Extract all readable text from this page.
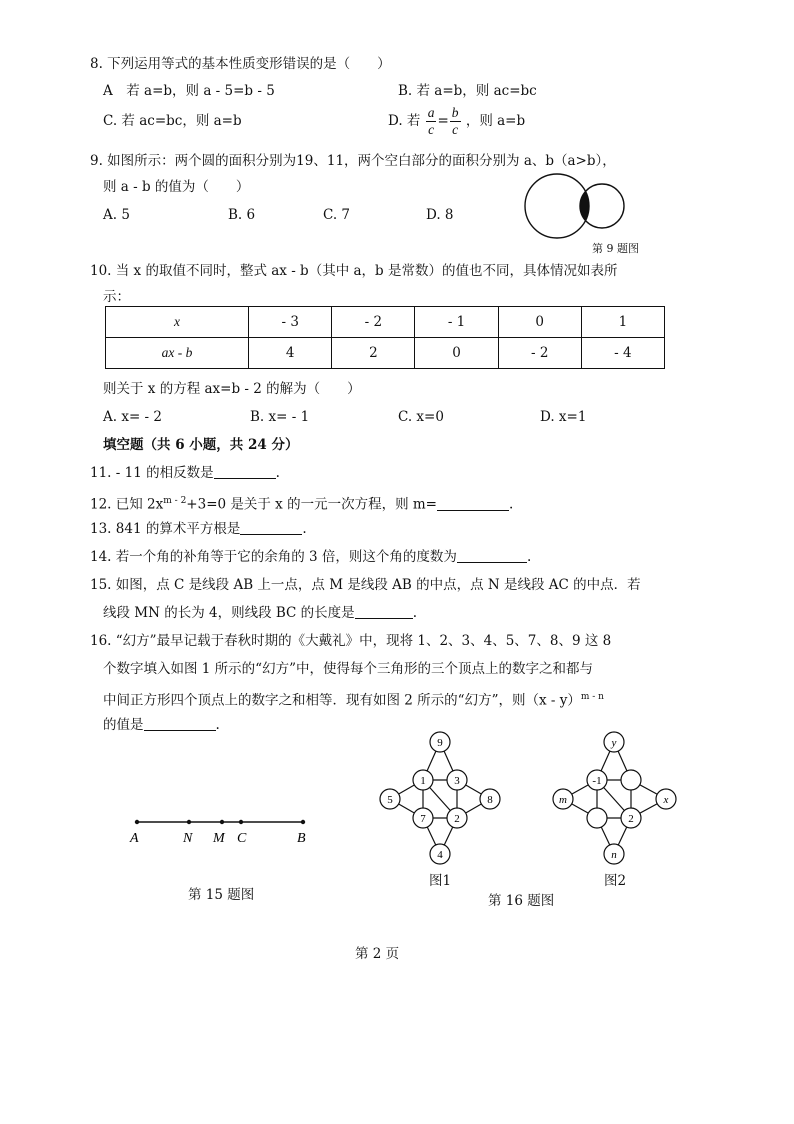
8. 下列运用等式的基本性质变形错误的是（　　）
A　若 a=b，则 a - 5=b - 5	B. 若 a=b，则 ac=bc
C. 若 ac=bc，则 a=b	D. 若 $\frac{a}{c} = \frac{b}{c}$ ，则 a=b
9. 如图所示：两个圆的面积分别为19、11，两个空白部分的面积分别为 a、b（a>b），
则 a - b 的值为（　　）
A. 5	B. 6	C. 7	D. 8
第 9 题图
10. 当 x 的取值不同时，整式 ax - b（其中 a，b 是常数）的值也不同，具体情况如表所
示：
x	- 3	- 2	- 1	0	1
ax - b	4	2	0	- 2	- 4
则关于 x 的方程 ax=b - 2 的解为（　　）
A. x= - 2	B. x= - 1	C. x=0	D. x=1
填空题（共 6 小题，共 24 分）
11. - 11 的相反数是	.
12. 已知 $2x^{m - 2}+3=0$ 是关于 x 的一元一次方程，则 m=	.
13. 841 的算术平方根是	.
14. 若一个角的补角等于它的余角的 3 倍，则这个角的度数为	.
15. 如图，点 C 是线段 AB 上一点，点 M 是线段 AB 的中点，点 N 是线段 AC 的中点．若
线段 MN 的长为 4，则线段 BC 的长度是	.
16. “幻方”最早记载于春秋时期的《大戴礼》中，现将 1、2、3、4、5、7、8、9 这 8
个数字填入如图 1 所示的“幻方”中，使得每个三角形的三个顶点上的数字之和都与
中间正方形四个顶点上的数字之和相等．现有如图 2 所示的“幻方”，则（x - y）$^{m - n}$
的值是	.
A	N M C	B
第 15 题图
9
1	3
5	8
7	2
4
图1
y
-1
m	x
2
n
图2
第 16 题图
第 2 页
